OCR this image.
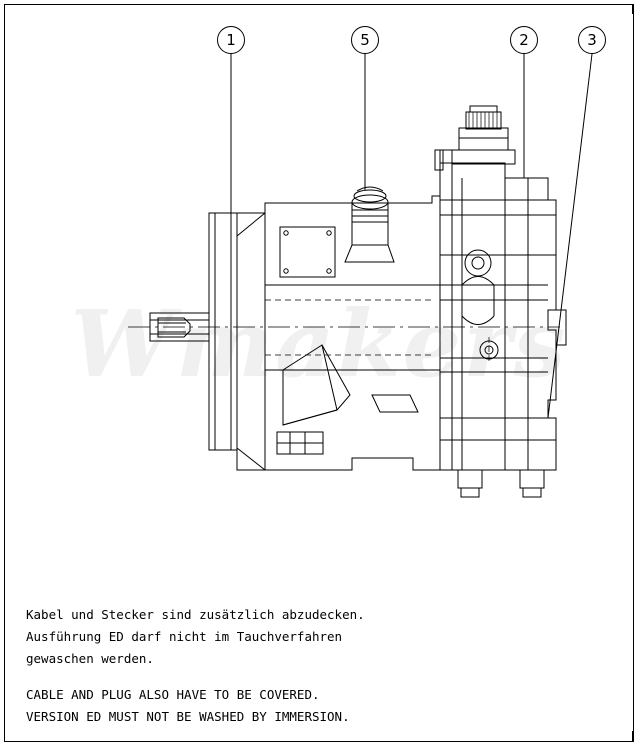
Wmakers
1	5	2	3
Kabel und Stecker sind zusätzlich abzudecken.
Ausführung ED darf nicht im Tauchverfahren
gewaschen werden.
CABLE AND PLUG ALSO HAVE TO BE COVERED.
VERSION ED MUST NOT BE WASHED BY IMMERSION.
